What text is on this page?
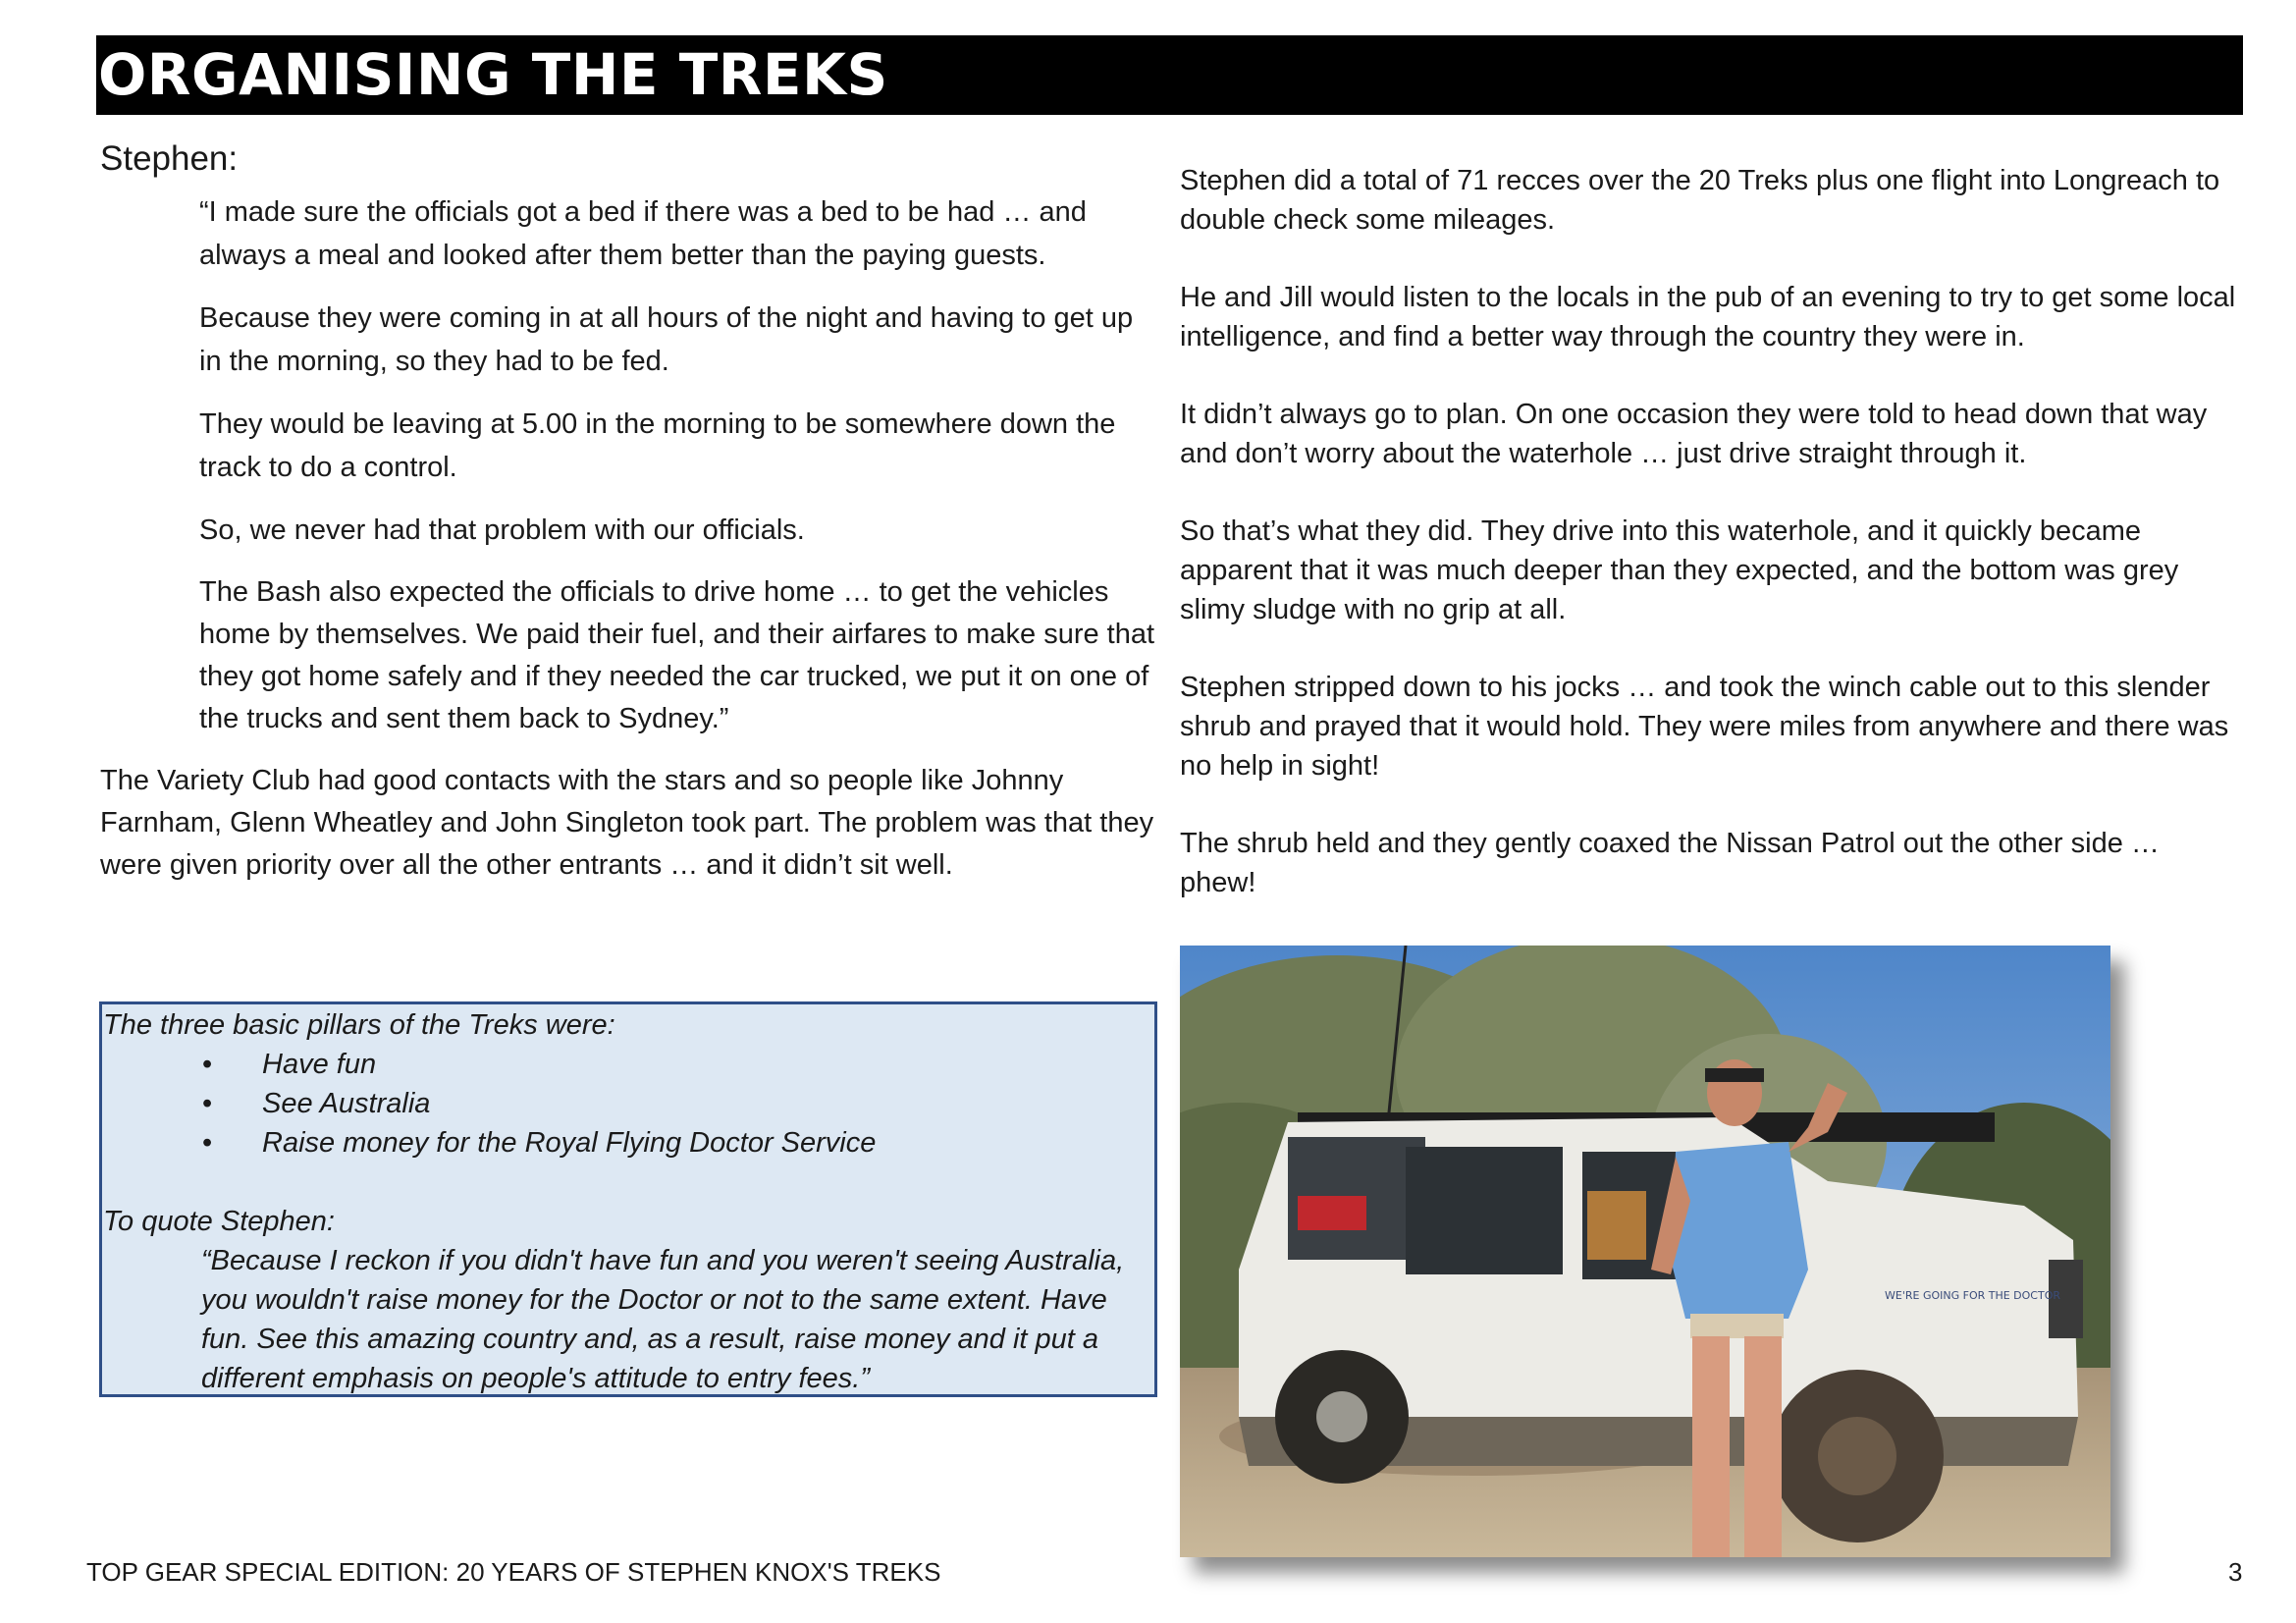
ORGANISING THE TREKS

Stephen:

“I made sure the officials got a bed if there was a bed to be had … and always a meal and looked after them better than the paying guests.

Because they were coming in at all hours of the night and having to get up in the morning, so they had to be fed.

They would be leaving at 5.00 in the morning to be somewhere down the track to do a control.

So, we never had that problem with our officials.

The Bash also expected the officials to drive home … to get the vehicles home by themselves. We paid their fuel, and their airfares to make sure that they got home safely and if they needed the car trucked, we put it on one of the trucks and sent them back to Sydney.”

The Variety Club had good contacts with the stars and so people like Johnny Farnham, Glenn Wheatley and John Singleton took part. The problem was that they were given priority over all the other entrants … and it didn’t sit well.

The three basic pillars of the Treks were:

• Have fun
• See Australia
• Raise money for the Royal Flying Doctor Service

To quote Stephen:

“Because I reckon if you didn't have fun and you weren't seeing Australia, you wouldn't raise money for the Doctor or not to the same extent. Have fun. See this amazing country and, as a result, raise money and it put a different emphasis on people's attitude to entry fees.”

Stephen did a total of 71 recces over the 20 Treks plus one flight into Longreach to double check some mileages.

He and Jill would listen to the locals in the pub of an evening to try to get some local intelligence, and find a better way through the country they were in.

It didn’t always go to plan. On one occasion they were told to head down that way and don’t worry about the waterhole … just drive straight through it.

So that’s what they did. They drive into this waterhole, and it quickly became apparent that it was much deeper than they expected, and the bottom was grey slimy sludge with no grip at all.

Stephen stripped down to his jocks … and took the winch cable out to this slender shrub and prayed that it would hold. They were miles from anywhere and there was no help in sight!

The shrub held and they gently coaxed the Nissan Patrol out the other side … phew!

WE'RE GOING FOR THE DOCTOR
TOP GEAR SPECIAL EDITION: 20 YEARS OF STEPHEN KNOX'S TREKS	3
